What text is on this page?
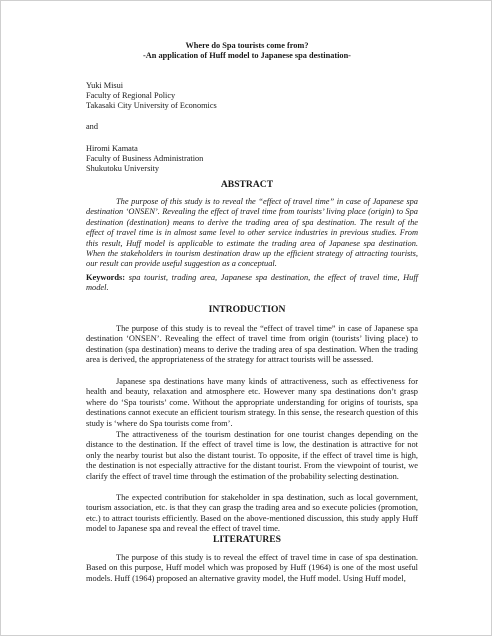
Where do Spa tourists come from?
-An application of Huff model to Japanese spa destination-
Yuki Misui
Faculty of Regional Policy
Takasaki City University of Economics
and
Hiromi Kamata
Faculty of Business Administration
Shukutoku University
ABSTRACT

The purpose of this study is to reveal the “effect of travel time” in case of Japanese spa destination ‘ONSEN’. Revealing the effect of travel time from tourists’ living place (origin) to Spa destination (destination) means to derive the trading area of spa destination. The result of the effect of travel time is in almost same level to other service industries in previous studies. From this result, Huff model is applicable to estimate the trading area of Japanese spa destination. When the stakeholders in tourism destination draw up the efficient strategy of attracting tourists, our result can provide useful suggestion as a conceptual.

Keywords: spa tourist, trading area, Japanese spa destination, the effect of travel time, Huff model.

INTRODUCTION

The purpose of this study is to reveal the “effect of travel time” in case of Japanese spa destination ‘ONSEN’. Revealing the effect of travel time from origin (tourists’ living place) to destination (spa destination) means to derive the trading area of spa destination. When the trading area is derived, the appropriateness of the strategy for attract tourists will be assessed.

Japanese spa destinations have many kinds of attractiveness, such as effectiveness for health and beauty, relaxation and atmosphere etc. However many spa destinations don’t grasp where do ‘Spa tourists’ come. Without the appropriate understanding for origins of tourists, spa destinations cannot execute an efficient tourism strategy. In this sense, the research question of this study is ‘where do Spa tourists come from’.

The attractiveness of the tourism destination for one tourist changes depending on the distance to the destination. If the effect of travel time is low, the destination is attractive for not only the nearby tourist but also the distant tourist. To opposite, if the effect of travel time is high, the destination is not especially attractive for the distant tourist. From the viewpoint of tourist, we clarify the effect of travel time through the estimation of the probability selecting destination.

The expected contribution for stakeholder in spa destination, such as local government, tourism association, etc. is that they can grasp the trading area and so execute policies (promotion, etc.) to attract tourists efficiently. Based on the above-mentioned discussion, this study apply Huff model to Japanese spa and reveal the effect of travel time.

LITERATURES

The purpose of this study is to reveal the effect of travel time in case of spa destination. Based on this purpose, Huff model which was proposed by Huff (1964) is one of the most useful models. Huff (1964) proposed an alternative gravity model, the Huff model. Using Huff model,
